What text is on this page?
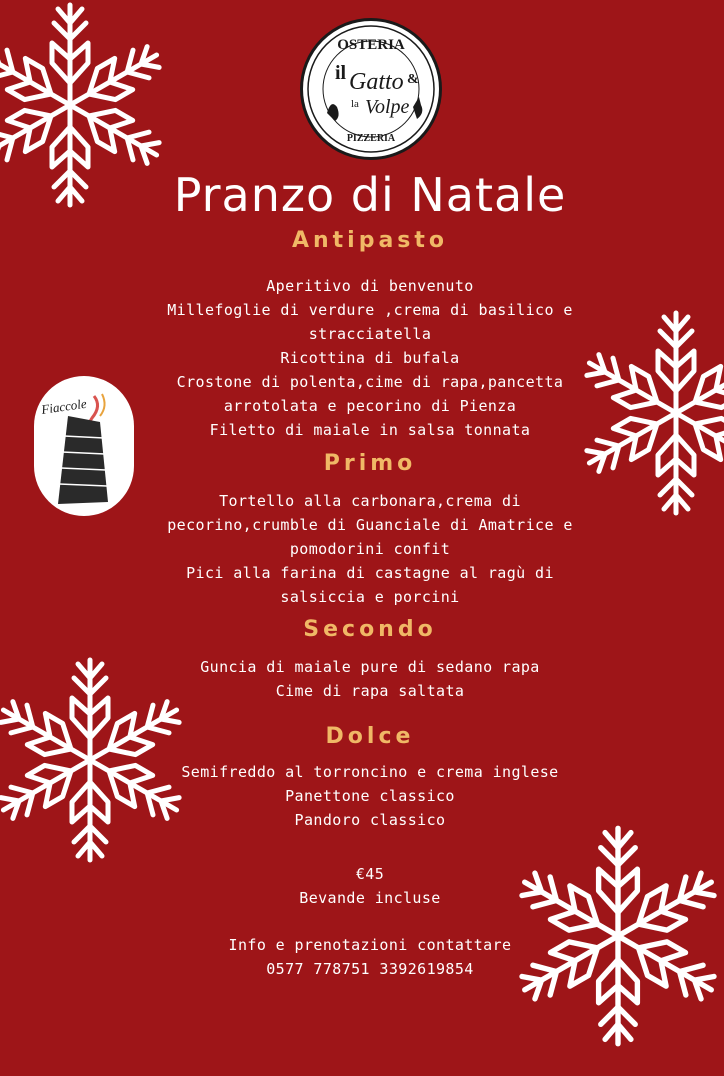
OSTERIA
il Gatto &
la Volpe
PIZZERIA
Fiaccole
Pranzo di Natale
Antipasto
Aperitivo di benvenuto
Millefoglie di verdure ,crema di basilico e
stracciatella
Ricottina di bufala
Crostone di polenta,cime di rapa,pancetta
arrotolata e pecorino di Pienza
Filetto di maiale in salsa tonnata
Primo
Tortello alla carbonara,crema di
pecorino,crumble di Guanciale di Amatrice e
pomodorini confit
Pici alla farina di castagne al ragù di
salsiccia e porcini
Secondo
Guncia di maiale pure di sedano rapa
Cime di rapa saltata
Dolce
Semifreddo al torroncino e crema inglese
Panettone classico
Pandoro classico
€45
Bevande incluse
Info e prenotazioni contattare
0577 778751 3392619854
